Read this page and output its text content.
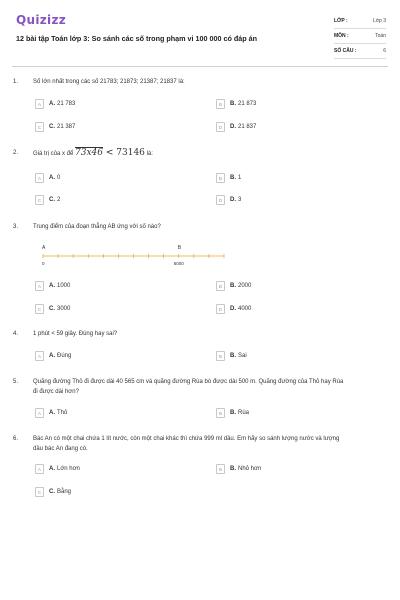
Quizizz
12 bài tập Toán lớp 3: So sánh các số trong phạm vi 100 000 có đáp án
LỚP :	Lớp 3
MÔN :	Toán
SỐ CÂU :	6
1. Số lớn nhất trong các số 21783; 21873; 21387; 21837 là:
A	A. 21 783	B	B. 21 873
C	C. 21 387	D	D. 21 837
2. Giá trị của x để 73x46 < 73146 là:
A	A. 0	B	B. 1
C	C. 2	D	D. 3
3. Trung điểm của đoạn thẳng AB ứng với số nào?
A	B
0	6000
A	A. 1000	B	B. 2000
C	C. 3000	D	D. 4000
4. 1 phút < 59 giây. Đúng hay sai?
A	A. Đúng	B	B. Sai
5. Quãng đường Thỏ đi được dài 40 565 cm và quãng đường Rùa bò được dài 500 m. Quãng đường của Thỏ hay Rùa
đi được dài hơn?
A	A. Thỏ	B	B. Rùa
6. Bác An có một chai chứa 1 lít nước, còn một chai khác thì chứa 999 ml dầu. Em hãy so sánh lượng nước và lượng
dầu bác An đang có.
A	A. Lớn hơn	B	B. Nhỏ hơn
C	C. Bằng
